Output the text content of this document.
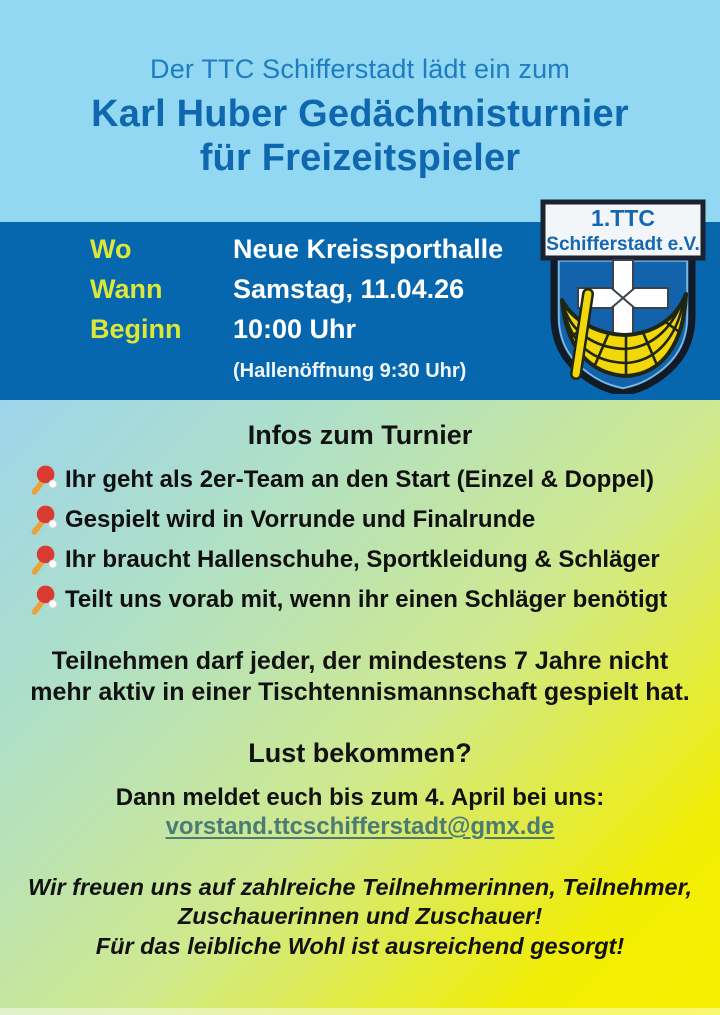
Der TTC Schifferstadt lädt ein zum
Karl Huber Gedächtnisturnier
für Freizeitspieler
Wo	Neue Kreissporthalle
Wann	Samstag, 11.04.26
Beginn	10:00 Uhr
(Hallenöffnung 9:30 Uhr)
1.TTC
Schifferstadt e.V.
Infos zum Turnier
Ihr geht als 2er-Team an den Start (Einzel & Doppel)
Gespielt wird in Vorrunde und Finalrunde
Ihr braucht Hallenschuhe, Sportkleidung & Schläger
Teilt uns vorab mit, wenn ihr einen Schläger benötigt
Teilnehmen darf jeder, der mindestens 7 Jahre nicht
mehr aktiv in einer Tischtennismannschaft gespielt hat.
Lust bekommen?
Dann meldet euch bis zum 4. April bei uns:
vorstand.ttcschifferstadt@gmx.de
Wir freuen uns auf zahlreiche Teilnehmerinnen, Teilnehmer,
Zuschauerinnen und Zuschauer!
Für das leibliche Wohl ist ausreichend gesorgt!
